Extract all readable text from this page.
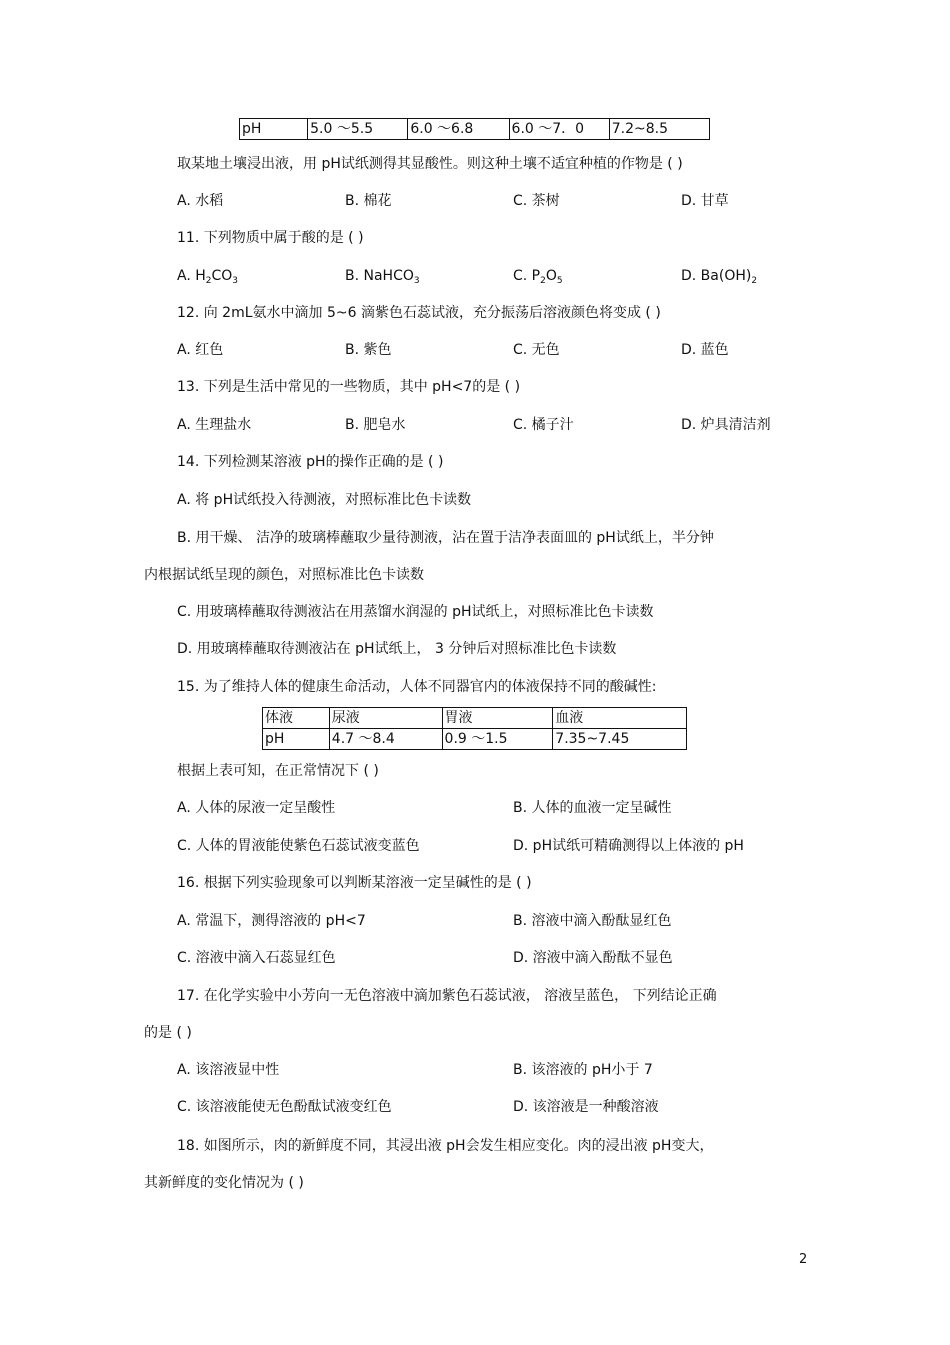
pH	5.0 ～5.5	6.0 ～6.8	6.0 ～7．0	7.2~8.5
取某地土壤浸出液，用 pH试纸测得其显酸性。则这种土壤不适宜种植的作物是 ( )
A. 水稻	B. 棉花	C. 茶树	D. 甘草
11. 下列物质中属于酸的是 ( )
A. $H_2CO_3$	B. NaHCO$_3$	C. $P_2O_5$	D. $Ba(OH)_2$
12. 向 2mL氨水中滴加 5~6 滴紫色石蕊试液，充分振荡后溶液颜色将变成 ( )
A. 红色	B. 紫色	C. 无色	D. 蓝色
13. 下列是生活中常见的一些物质，其中 pH<7的是 ( )
A. 生理盐水	B. 肥皂水	C. 橘子汁	D. 炉具清洁剂
14. 下列检测某溶液 pH的操作正确的是 ( )
A. 将 pH试纸投入待测液，对照标准比色卡读数
B. 用干燥、 洁净的玻璃棒蘸取少量待测液，沾在置于洁净表面皿的 pH试纸上，半分钟
内根据试纸呈现的颜色，对照标准比色卡读数
C. 用玻璃棒蘸取待测液沾在用蒸馏水润湿的 pH试纸上，对照标准比色卡读数
D. 用玻璃棒蘸取待测液沾在 pH试纸上， 3 分钟后对照标准比色卡读数
15. 为了维持人体的健康生命活动，人体不同器官内的体液保持不同的酸碱性:
体液	尿液	胃液	血液
pH	4.7 ～8.4	0.9 ～1.5	7.35~7.45
根据上表可知，在正常情况下 ( )
A. 人体的尿液一定呈酸性	B. 人体的血液一定呈碱性
C. 人体的胃液能使紫色石蕊试液变蓝色	D. pH试纸可精确测得以上体液的 pH
16. 根据下列实验现象可以判断某溶液一定呈碱性的是 ( )
A. 常温下，测得溶液的 pH<7	B. 溶液中滴入酚酞显红色
C. 溶液中滴入石蕊显红色	D. 溶液中滴入酚酞不显色
17. 在化学实验中小芳向一无色溶液中滴加紫色石蕊试液， 溶液呈蓝色， 下列结论正确
的是 ( )
A. 该溶液显中性	B. 该溶液的 pH小于 7
C. 该溶液能使无色酚酞试液变红色	D. 该溶液是一种酸溶液
18. 如图所示，肉的新鲜度不同，其浸出液 pH会发生相应变化。肉的浸出液 pH变大，
其新鲜度的变化情况为 ( )
2
